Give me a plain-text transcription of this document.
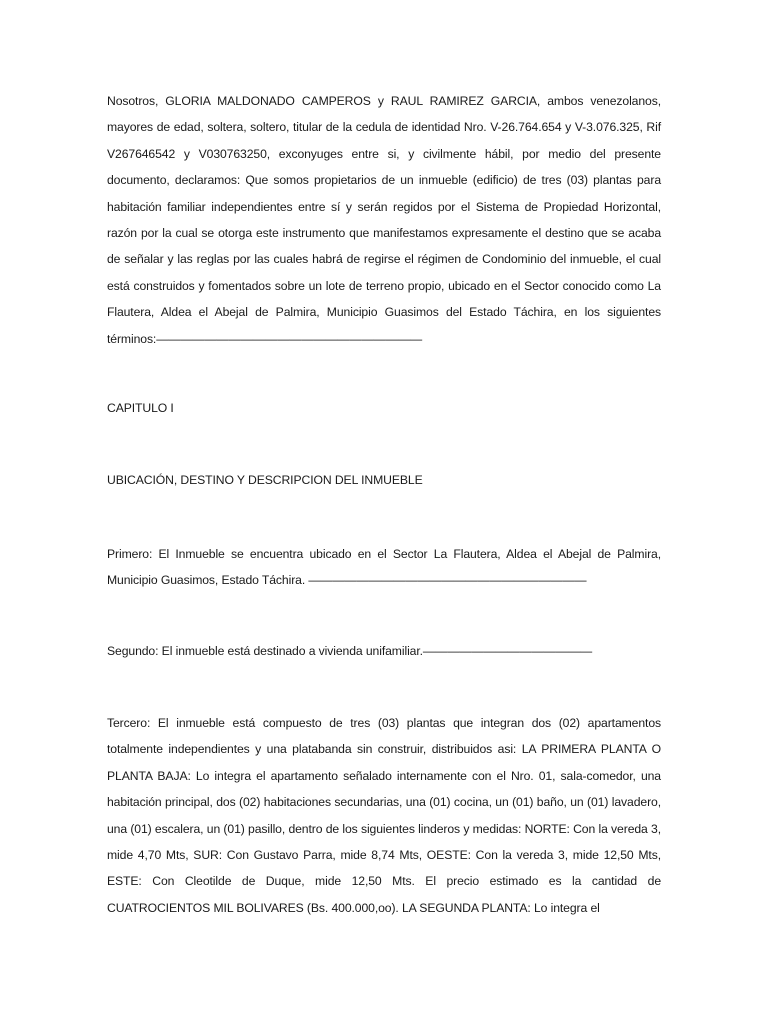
Nosotros, GLORIA MALDONADO CAMPEROS y RAUL RAMIREZ GARCIA, ambos venezolanos, mayores de edad, soltera, soltero, titular de la cedula de identidad Nro. V-26.764.654 y V-3.076.325, Rif V267646542 y V030763250, exconyuges entre si, y civilmente hábil, por medio del presente documento, declaramos: Que somos propietarios de un inmueble (edificio) de tres (03) plantas para habitación familiar independientes entre sí y serán regidos por el Sistema de Propiedad Horizontal, razón por la cual se otorga este instrumento que manifestamos expresamente el destino que se acaba de señalar y las reglas por las cuales habrá de regirse el régimen de Condominio del inmueble, el cual está construidos y fomentados sobre un lote de terreno propio, ubicado en el Sector conocido como La Flautera, Aldea el Abejal de Palmira, Municipio Guasimos del Estado Táchira, en los siguientes términos:——————————————————————

CAPITULO I

UBICACIÓN, DESTINO Y DESCRIPCION DEL INMUEBLE

Primero: El Inmueble se encuentra ubicado en el Sector La Flautera, Aldea el Abejal de Palmira, Municipio Guasimos, Estado Táchira. ———————————————————————

Segundo: El inmueble está destinado a vivienda unifamiliar.——————————————

Tercero: El inmueble está compuesto de tres (03) plantas que integran dos (02) apartamentos totalmente independientes y una platabanda sin construir, distribuidos asi: LA PRIMERA PLANTA O PLANTA BAJA: Lo integra el apartamento señalado internamente con el Nro. 01, sala-comedor, una habitación principal, dos (02) habitaciones secundarias, una (01) cocina, un (01) baño, un (01) lavadero, una (01) escalera, un (01) pasillo, dentro de los siguientes linderos y medidas: NORTE: Con la vereda 3, mide 4,70 Mts, SUR: Con Gustavo Parra, mide 8,74 Mts, OESTE: Con la vereda 3, mide 12,50 Mts, ESTE: Con Cleotilde de Duque, mide 12,50 Mts. El precio estimado es la cantidad de CUATROCIENTOS MIL BOLIVARES (Bs. 400.000,oo). LA SEGUNDA PLANTA: Lo integra el
